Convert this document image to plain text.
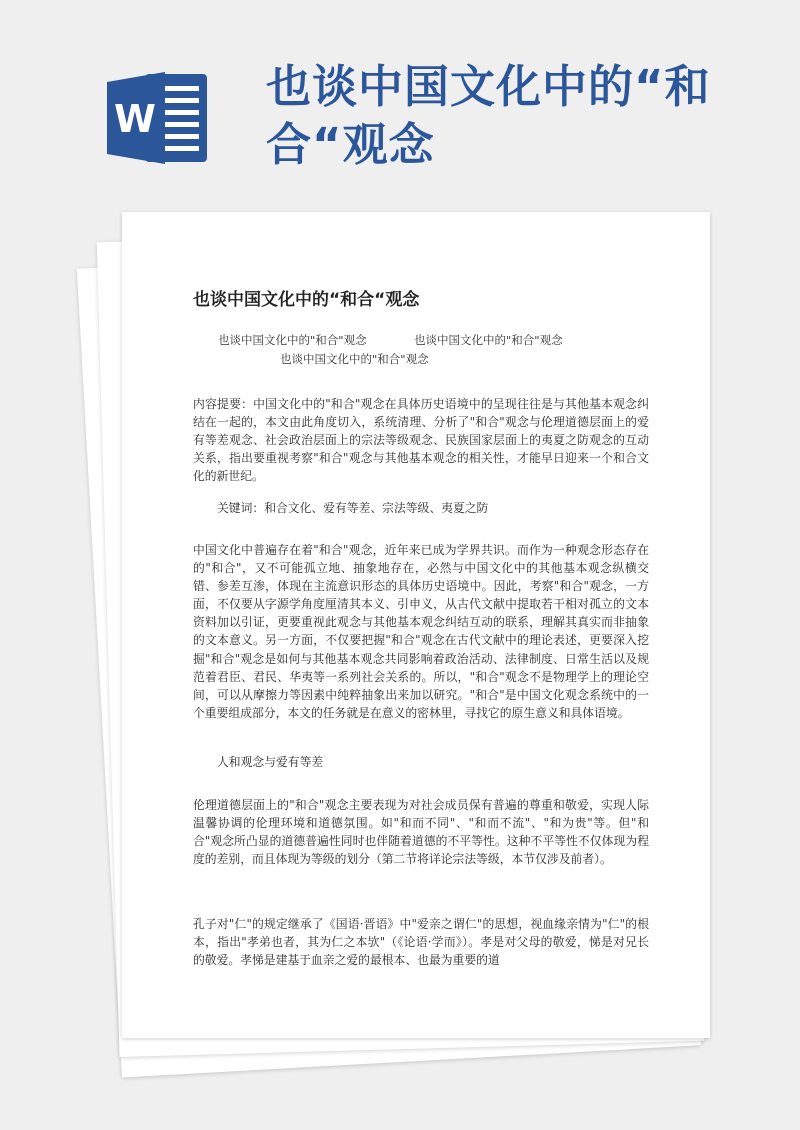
W
也谈中国文化中的“和合“观念
也谈中国文化中的“和合“观念
也谈中国文化中的"和合"观念	也谈中国文化中的"和合"观念
也谈中国文化中的"和合"观念

内容提要：中国文化中的"和合"观念在具体历史语境中的呈现往往是与其他基本观念纠结在一起的，本文由此角度切入，系统清理、分析了"和合"观念与伦理道德层面上的爱有等差观念、社会政治层面上的宗法等级观念、民族国家层面上的夷夏之防观念的互动关系，指出要重视考察"和合"观念与其他基本观念的相关性，才能早日迎来一个和合文化的新世纪。

关键词：和合文化、爱有等差、宗法等级、夷夏之防

中国文化中普遍存在着"和合"观念，近年来已成为学界共识。而作为一种观念形态存在的"和合"，又不可能孤立地、抽象地存在，必然与中国文化中的其他基本观念纵横交错、参差互渗，体现在主流意识形态的具体历史语境中。因此，考察"和合"观念，一方面，不仅要从字源学角度厘清其本义、引申义，从古代文献中提取若干相对孤立的文本资料加以引证，更要重视此观念与其他基本观念纠结互动的联系，理解其真实而非抽象的文本意义。另一方面，不仅要把握"和合"观念在古代文献中的理论表述，更要深入挖掘"和合"观念是如何与其他基本观念共同影响着政治活动、法律制度、日常生活以及规范着君臣、君民、华夷等一系列社会关系的。所以，"和合"观念不是物理学上的理论空间，可以从摩擦力等因素中纯粹抽象出来加以研究。"和合"是中国文化观念系统中的一个重要组成部分，本文的任务就是在意义的密林里，寻找它的原生意义和具体语境。

人和观念与爱有等差

伦理道德层面上的"和合"观念主要表现为对社会成员保有普遍的尊重和敬爱，实现人际温馨协调的伦理环境和道德氛围。如"和而不同"、"和而不流"、"和为贵"等。但"和合"观念所凸显的道德普遍性同时也伴随着道德的不平等性。这种不平等性不仅体现为程度的差别，而且体现为等级的划分（第二节将详论宗法等级，本节仅涉及前者）。

孔子对"仁"的规定继承了《国语·晋语》中"爱亲之谓仁"的思想，视血缘亲情为"仁"的根本，指出"孝弟也者，其为仁之本欤"（《论语·学而》）。孝是对父母的敬爱，悌是对兄长的敬爱。孝悌是建基于血亲之爱的最根本、也最为重要的道
